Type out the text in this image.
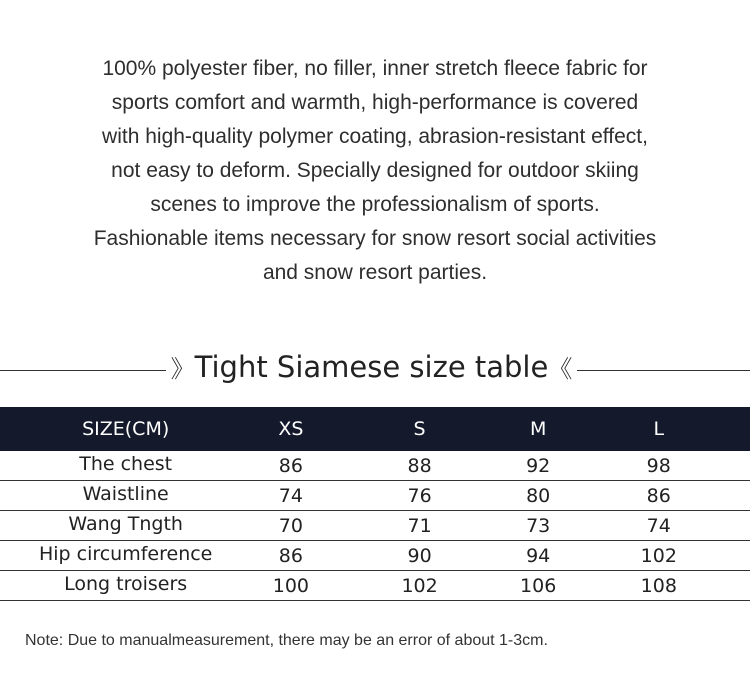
100% polyester fiber, no filler, inner stretch fleece fabric for
sports comfort and warmth, high-performance is covered
with high-quality polymer coating, abrasion-resistant effect,
not easy to deform. Specially designed for outdoor skiing
scenes to improve the professionalism of sports.
Fashionable items necessary for snow resort social activities
and snow resort parties.
》Tight Siamese size table《
SIZE(CM)	XS	S	M	L
The chest	86	88	92	98
Waistline	74	76	80	86
Wang Tngth	70	71	73	74
Hip circumference	86	90	94	102
Long troisers	100	102	106	108
Note: Due to manualmeasurement, there may be an error of about 1-3cm.
